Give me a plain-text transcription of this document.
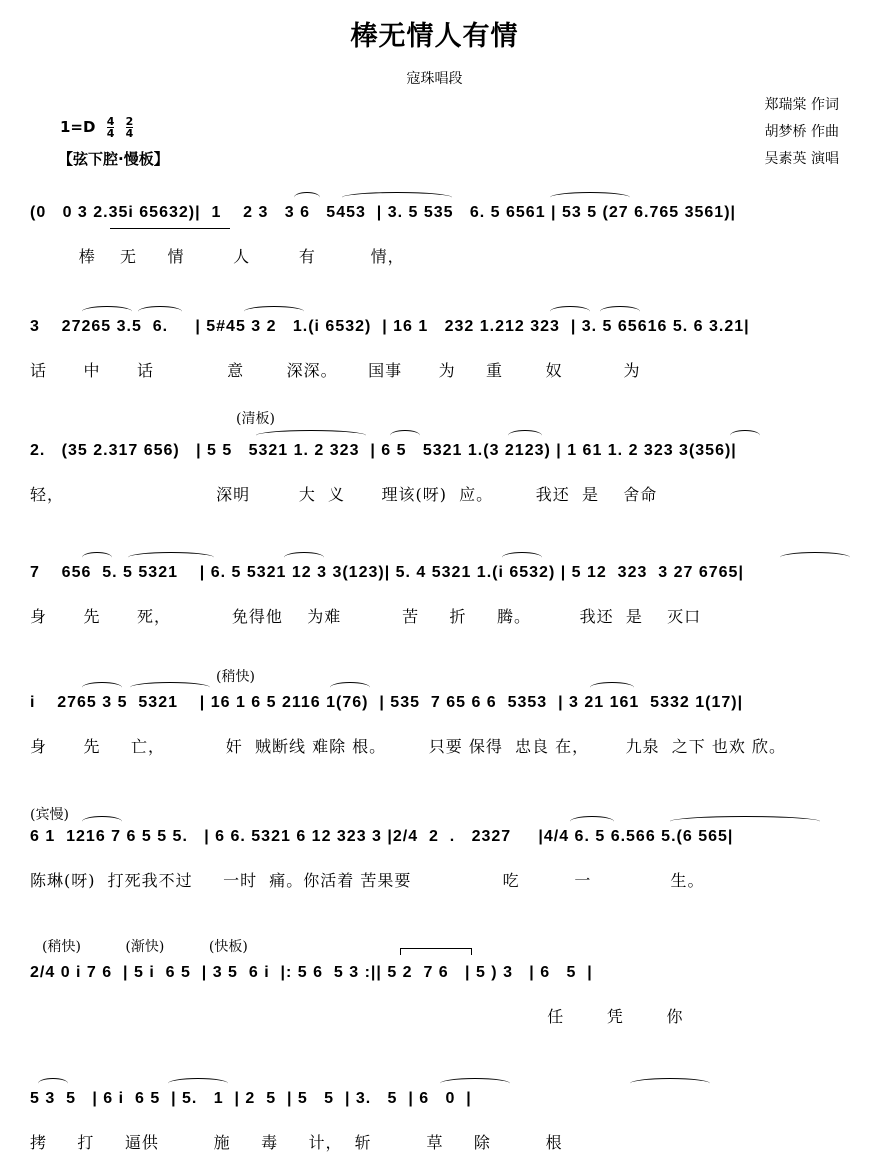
棒无情人有情
寇珠唱段
郑瑞棠 作词
胡梦桥 作曲
吴素英 演唱
$1=D \frac{4}{4}$
$\frac{2}{4}$
【弦下腔·慢板】
(0   0 3 2.35i 65632)|  1    2 3   3 6   5453  | 3. 5 535   6. 5 6561 | 53 5 (27 6.765 3561)|
棒    无     情        人        有         情，
3    27265 3.5  6.     | 5#45 3 2   1.(i 6532)  | 16 1   232 1.212 323  | 3. 5 65616 5. 6 3.21|
话      中      话            意       深深。     国事      为     重       奴          为
(清板)
2.   (35 2.317 656)   | 5 5   5321 1. 2 323  | 6 5   5321 1.(3 2123) | 1 61 1. 2 323 3(356)|
轻，                         深明        大  义      理该(呀)  应。       我还  是    舍命
7    656  5. 5 5321    | 6. 5 5321 12 3 3(123)| 5. 4 5321 1.(i 6532) | 5 12  323  3 27 6765|
身      先      死，          免得他    为难          苦     折     腾。        我还  是    灭口
(稍快)
i    2765 3 5  5321    | 16 1 6 5 2116 1(76)  | 535  7 65 6 6  5353  | 3 21 161  5332 1(17)|
身      先     亡，          奸  贼断线 难除 根。       只要 保得  忠良 在，      九泉  之下 也欢 欣。
(宾慢)
6 1  1216 7 6 5 5 5.   | 6 6. 5321 6 12 323 3 |2/4  2  .   2327     |4/4 6. 5 6.566 5.(6 565|
陈琳(呀)  打死我不过     一时  痛。你活着 苦果要               吃         一             生。
(稍快)          (渐快)          (快板)
2/4 0 i 7 6  | 5 i  6 5  | 3 5  6 i  |: 5 6  5 3 :|| 5 2  7 6   | 5 ) 3   | 6   5  |
任       凭       你
5 3  5   | 6 i  6 5  | 5.   1  | 2  5  | 5   5  | 3.   5  | 6   0  |
拷     打     逼供         施     毒     计，  斩         草     除         根
